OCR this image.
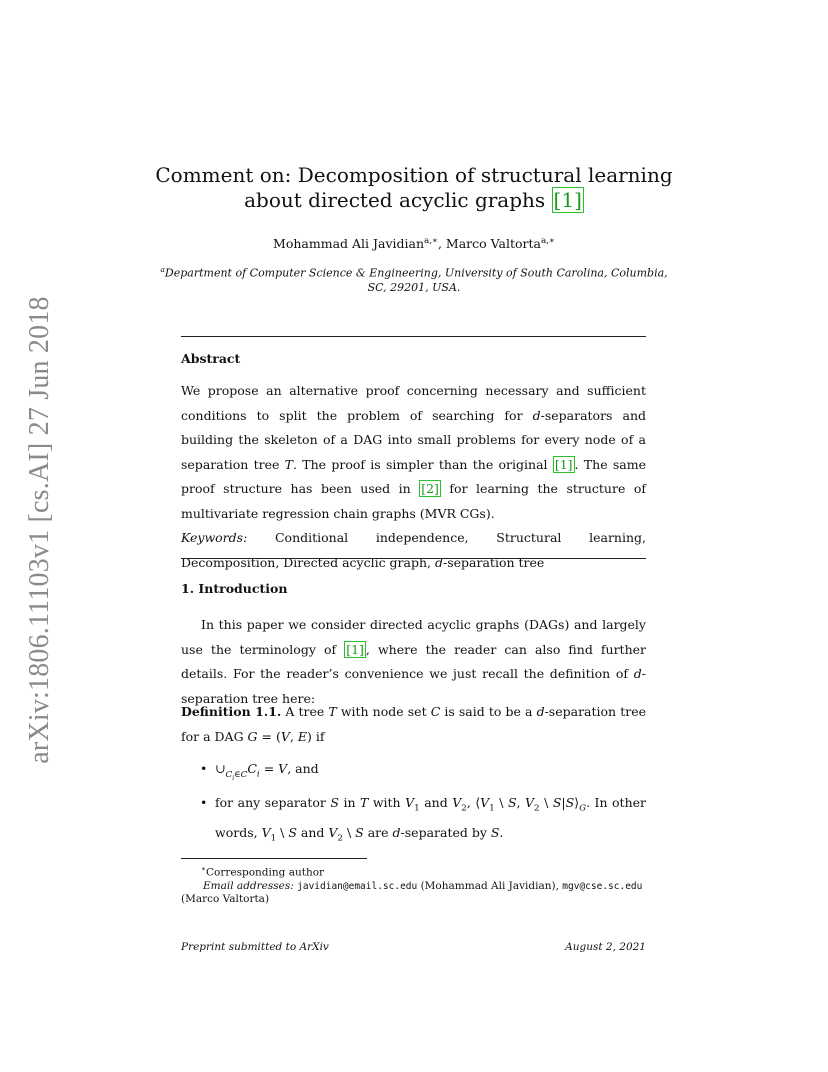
arXiv:1806.11103v1 [cs.AI] 27 Jun 2018
Comment on: Decomposition of structural learning
about directed acyclic graphs [1]
Mohammad Ali Javidian$^{a,∗}$, Marco Valtorta$^{a,∗}$
$^a$Department of Computer Science & Engineering, University of South Carolina, Columbia,
SC, 29201, USA.
Abstract
We propose an alternative proof concerning necessary and sufficient conditions to split the problem of searching for d-separators and building the skeleton of a DAG into small problems for every node of a separation tree T. The proof is simpler than the original [1] . The same proof structure has been used in [2] for learning the structure of multivariate regression chain graphs (MVR CGs).
Keywords: Conditional independence, Structural learning, Decomposition, Directed acyclic graph, d-separation tree
1. Introduction
In this paper we consider directed acyclic graphs (DAGs) and largely use the terminology of [1] , where the reader can also find further details. For the reader’s convenience we just recall the definition of d-separation tree here:
Definition 1.1. A tree T with node set C is said to be a d-separation tree for a DAG G = (V, E) if
• $\cup_{C_i\in C}C_i = V$, and
• for any separator S in T with $V_1$ and $V_2$, $⟨V_1$ \ S, $V_2$ \ $S|S⟩_G$. In other words, $V_1$ \ S and $V_2$ \ S are d-separated by S.
∗Corresponding author
Email addresses: javidian@email.sc.edu (Mohammad Ali Javidian), mgv@cse.sc.edu
(Marco Valtorta)
Preprint submitted to ArXiv	August 2, 2021
